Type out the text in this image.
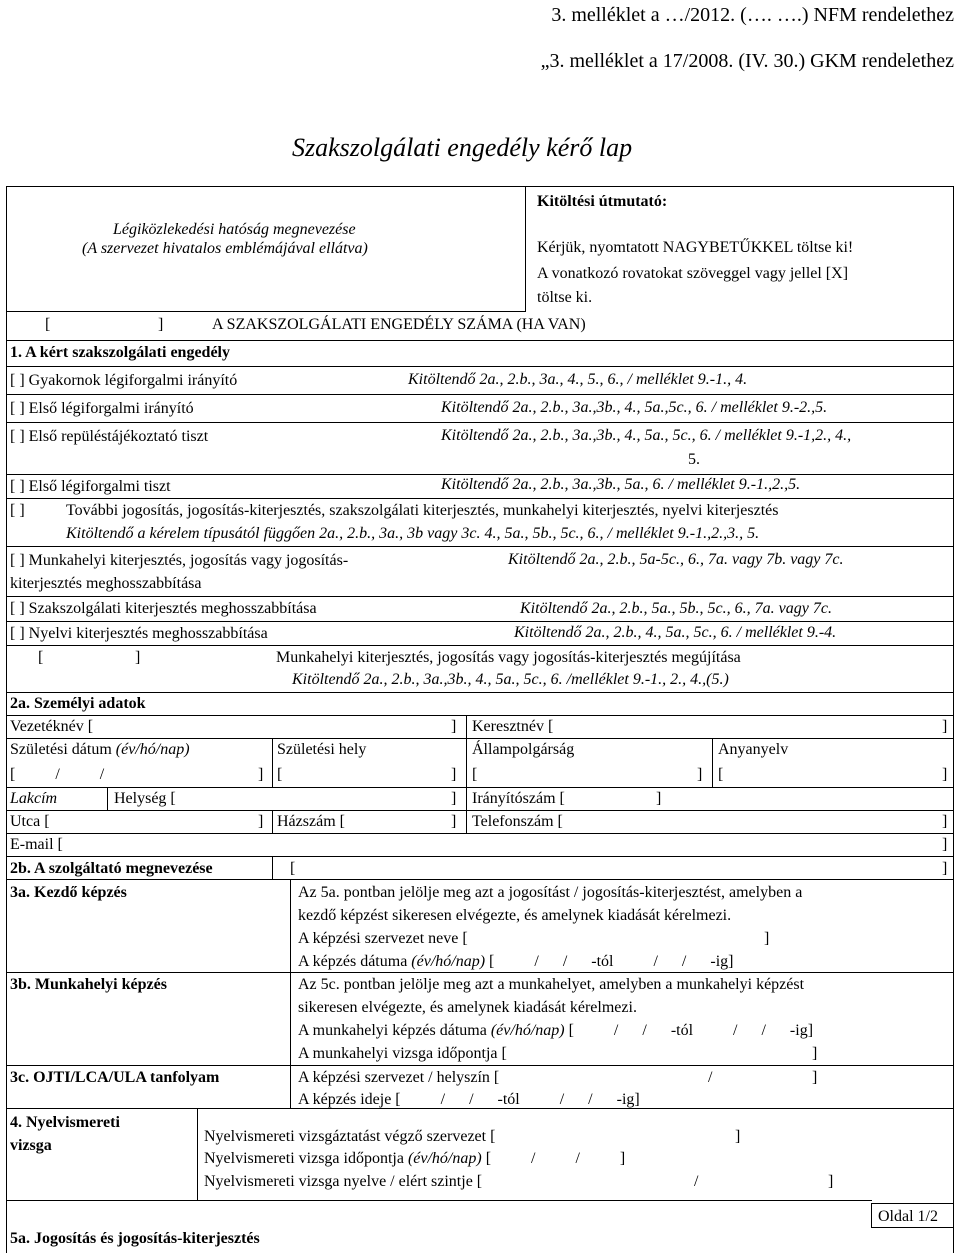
3. melléklet a …/2012. (…. ….) NFM rendelethez
„3. melléklet a 17/2008. (IV. 30.) GKM rendelethez
Szakszolgálati engedély kérő lap
Légiközlekedési hatóság megnevezése
(A szervezet hivatalos emblémájával ellátva)
Kitöltési útmutató:
Kérjük, nyomtatott NAGYBETŰKKEL töltse ki!
A vonatkozó rovatokat szöveggel vagy jellel [X]
töltse ki.
[	]	A SZAKSZOLGÁLATI ENGEDÉLY SZÁMA (HA VAN)
1. A kért szakszolgálati engedély
[ ] Gyakornok légiforgalmi irányító	Kitöltendő 2a., 2.b., 3a., 4., 5., 6., / melléklet 9.-1., 4.
[ ] Első légiforgalmi irányító	Kitöltendő 2a., 2.b., 3a.,3b., 4., 5a.,5c., 6. / melléklet 9.-2.,5.
[ ] Első repüléstájékoztató tiszt	Kitöltendő 2a., 2.b., 3a.,3b., 4., 5a., 5c., 6. / melléklet 9.-1,2., 4.,
5.
[ ] Első légiforgalmi tiszt	Kitöltendő 2a., 2.b., 3a.,3b., 5a., 6. / melléklet 9.-1.,2.,5.
[ ]	További jogosítás, jogosítás-kiterjesztés, szakszolgálati kiterjesztés, munkahelyi kiterjesztés, nyelvi kiterjesztés
Kitöltendő a kérelem típusától függően 2a., 2.b., 3a., 3b vagy 3c. 4., 5a., 5b., 5c., 6., / melléklet 9.-1.,2.,3., 5.
[ ] Munkahelyi kiterjesztés, jogosítás vagy jogosítás-
kiterjesztés meghosszabbítása
Kitöltendő 2a., 2.b., 5a-5c., 6., 7a. vagy 7b. vagy 7c.
[ ] Szakszolgálati kiterjesztés meghosszabbítása	Kitöltendő 2a., 2.b., 5a., 5b., 5c., 6., 7a. vagy 7c.
[ ] Nyelvi kiterjesztés meghosszabbítása	Kitöltendő 2a., 2.b., 4., 5a., 5c., 6. / melléklet 9.-4.
[	]	Munkahelyi kiterjesztés, jogosítás vagy jogosítás-kiterjesztés megújítása
Kitöltendő 2a., 2.b., 3a.,3b., 4., 5a., 5c., 6. /melléklet 9.-1., 2., 4.,(5.)
2a. Személyi adatok
Vezetéknév [	] Keresztnév [	]
Születési dátum (év/hó/nap)
[          /          /	]
Születési hely
[	]
Állampolgárság
[	]
Anyanyelv
[	]
Lakcím	Helység [	] Irányítószám [	]
Utca [	] Házszám [	] Telefonszám [	]
E-mail [	]
2b. A szolgáltató megnevezése	[	]
3a. Kezdő képzés	Az 5a. pontban jelölje meg azt a jogosítást / jogosítás-kiterjesztést, amelyben a
kezdő képzést sikeresen elvégezte, és amelynek kiadását kérelmezi.
A képzési szervezet neve [	]
A képzés dátuma (év/hó/nap) [          /      /      -tól          /      /      -ig]
3b. Munkahelyi képzés	Az 5c. pontban jelölje meg azt a munkahelyet, amelyben a munkahelyi képzést
sikeresen elvégezte, és amelynek kiadását kérelmezi.
A munkahelyi képzés dátuma (év/hó/nap) [          /      /      -tól          /      /      -ig]
A munkahelyi vizsga időpontja [	]
3c. OJTI/LCA/ULA tanfolyam	A képzési szervezet / helyszín [	/	]
A képzés ideje [          /      /      -tól          /      /      -ig]
4. Nyelvismereti
vizsga
Nyelvismereti vizsgáztatást végző szervezet [	]
Nyelvismereti vizsga időpontja (év/hó/nap) [          /          /          ]
Nyelvismereti vizsga nyelve / elért szintje [	/	]
Oldal 1/2
5a. Jogosítás és jogosítás-kiterjesztés
